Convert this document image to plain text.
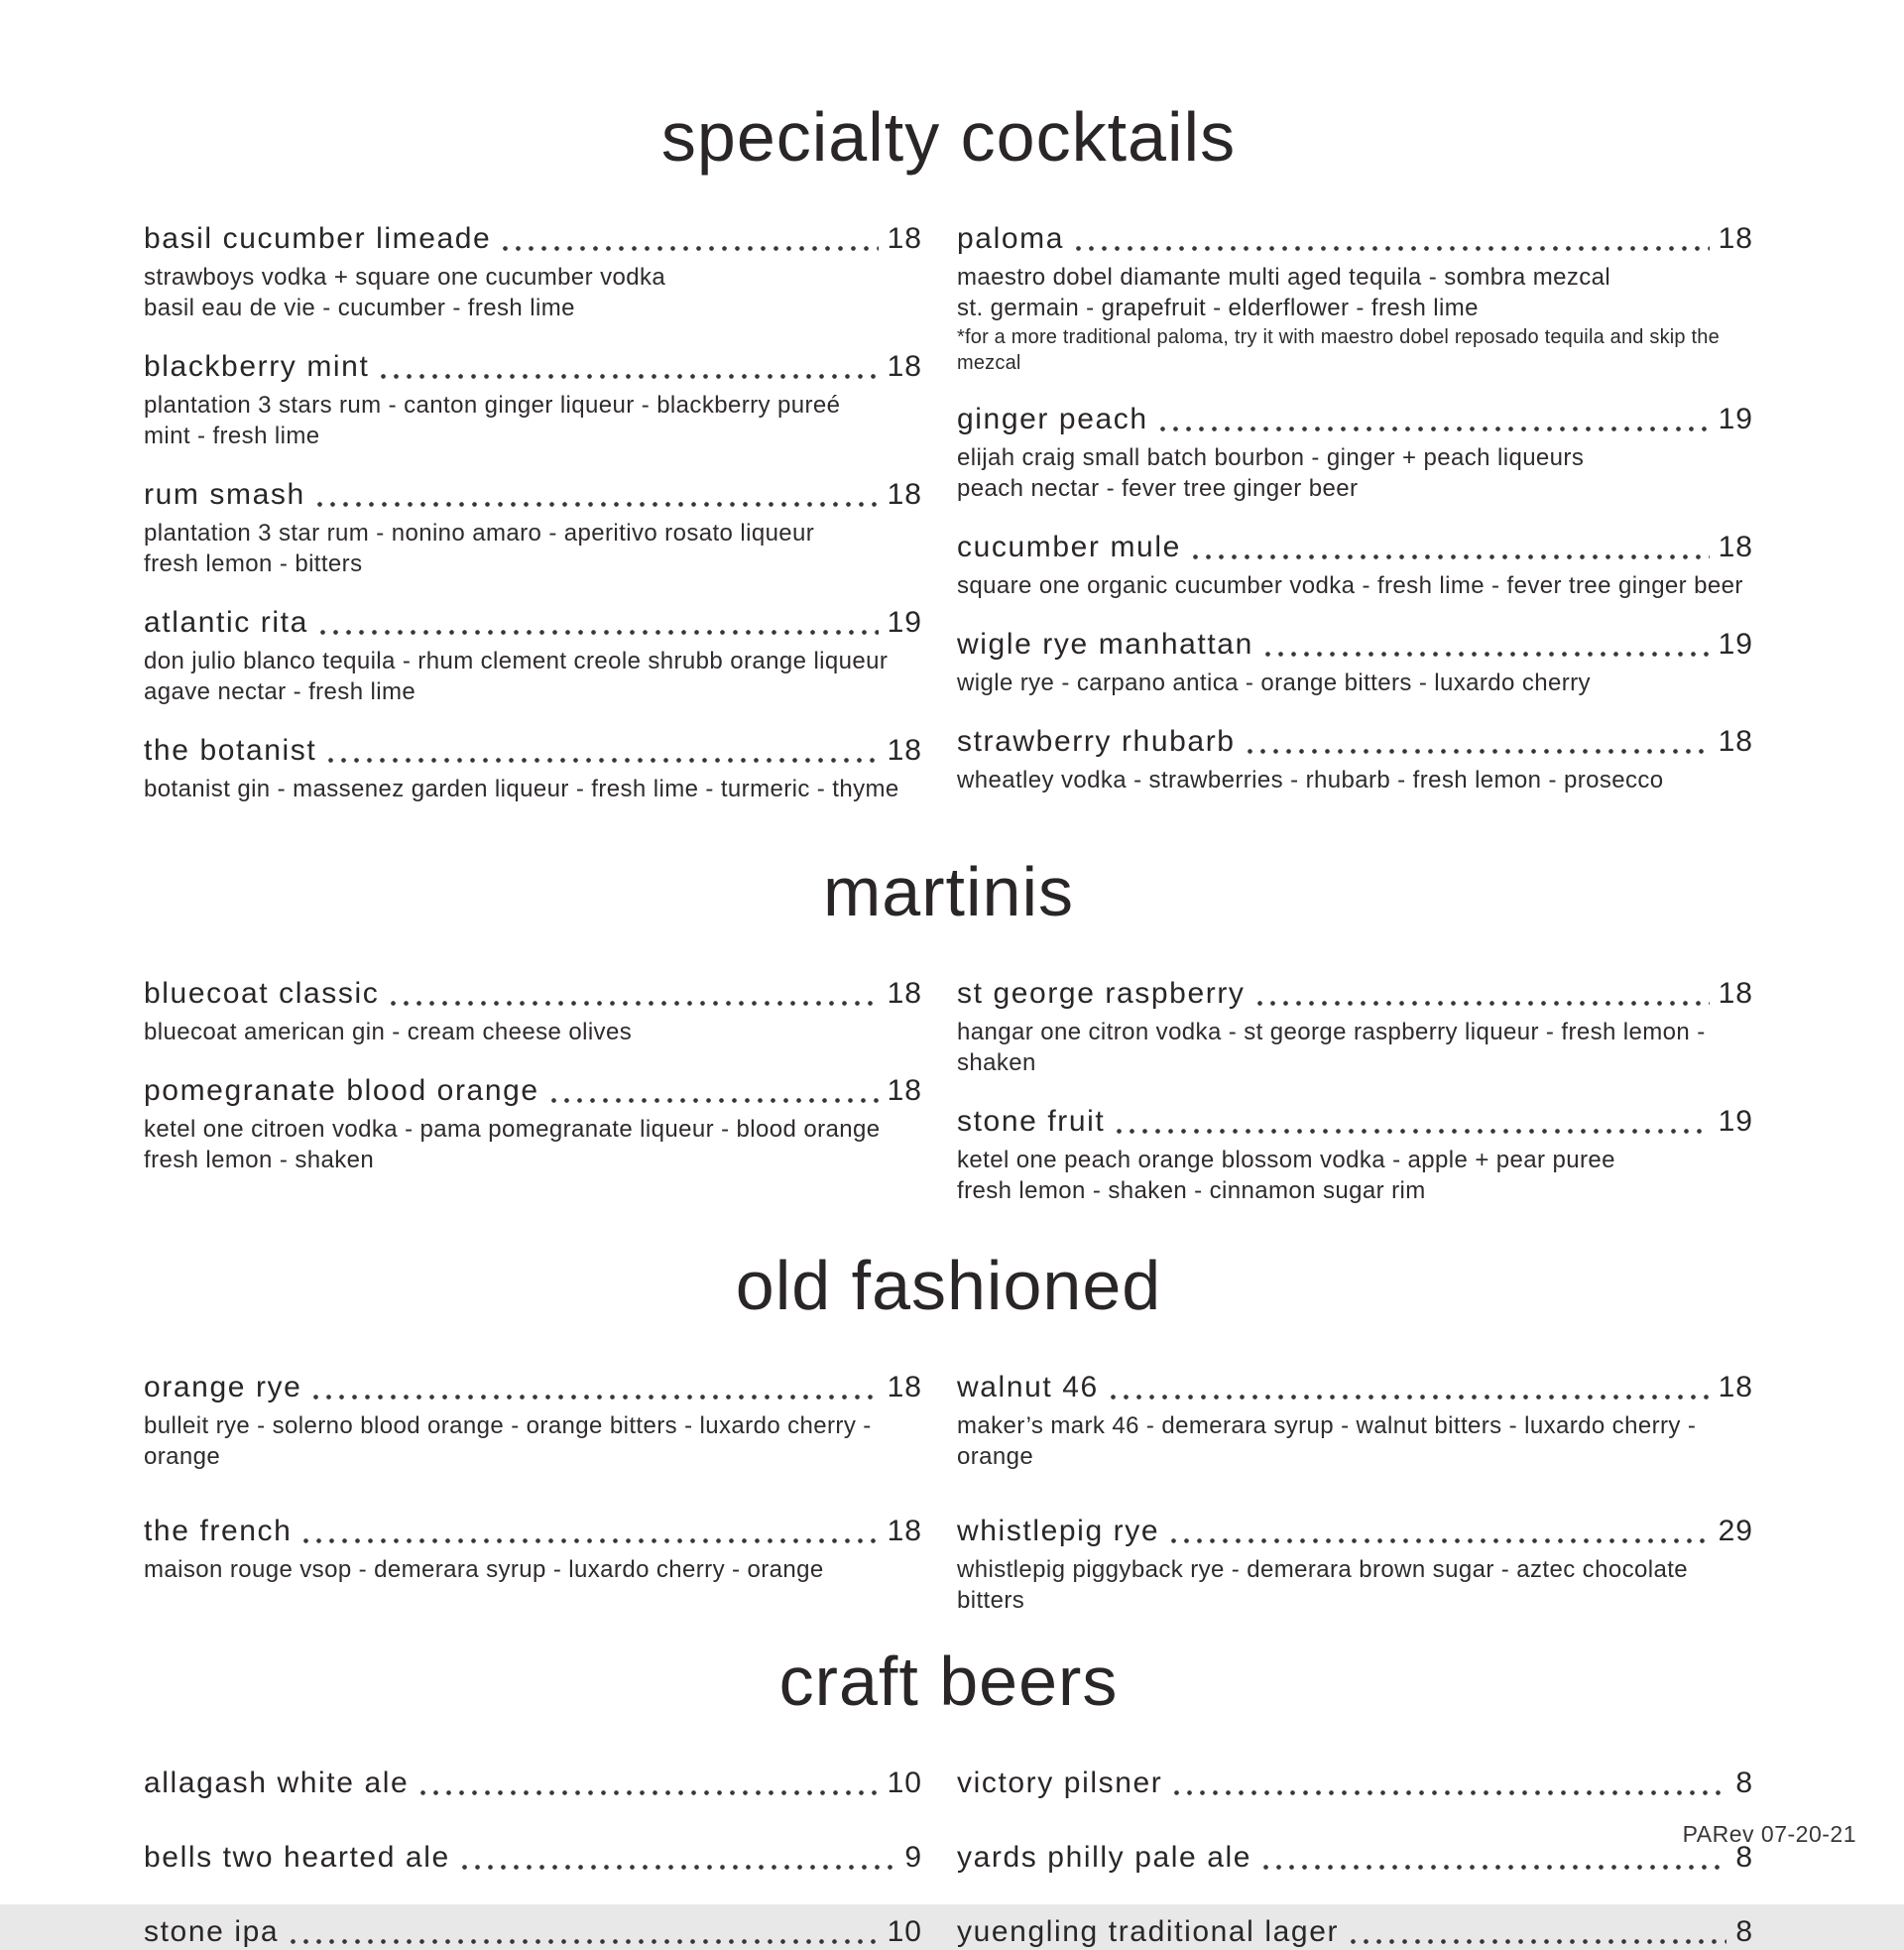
specialty cocktails
basil cucumber limeade	18
strawboys vodka + square one cucumber vodka
basil eau de vie - cucumber - fresh lime
blackberry mint	18
plantation 3 stars rum - canton ginger liqueur - blackberry pureé
mint - fresh lime
rum smash	18
plantation 3 star rum - nonino amaro - aperitivo rosato liqueur
fresh lemon - bitters
atlantic rita	19
don julio blanco tequila - rhum clement creole shrubb orange liqueur
agave nectar - fresh lime
the botanist	18
botanist gin - massenez garden liqueur - fresh lime - turmeric - thyme
paloma	18
maestro dobel diamante multi aged tequila - sombra mezcal
st. germain - grapefruit - elderflower - fresh lime
*for a more traditional paloma, try it with maestro dobel reposado tequila and skip the mezcal
ginger peach	19
elijah craig small batch bourbon - ginger + peach liqueurs
peach nectar - fever tree ginger beer
cucumber mule	18
square one organic cucumber vodka - fresh lime - fever tree ginger beer
wigle rye manhattan	19
wigle rye - carpano antica - orange bitters - luxardo cherry
strawberry rhubarb	18
wheatley vodka - strawberries - rhubarb - fresh lemon - prosecco
martinis
bluecoat classic	18
bluecoat american gin - cream cheese olives
pomegranate blood orange	18
ketel one citroen vodka - pama pomegranate liqueur - blood orange
fresh lemon - shaken
st george raspberry	18
hangar one citron vodka - st george raspberry liqueur - fresh lemon - shaken
stone fruit	19
ketel one peach orange blossom vodka - apple + pear puree
fresh lemon - shaken - cinnamon sugar rim
old fashioned
orange rye	18
bulleit rye - solerno blood orange - orange bitters - luxardo cherry - orange
the french	18
maison rouge vsop - demerara syrup - luxardo cherry - orange
walnut 46	18
maker’s mark 46 - demerara syrup - walnut bitters - luxardo cherry - orange
whistlepig rye	29
whistlepig piggyback rye - demerara brown sugar - aztec chocolate bitters
craft beers
allagash white ale	10
bells two hearted ale	9
stone ipa	10
victory pilsner	8
yards philly pale ale	8
yuengling traditional lager	8
PARev 07-20-21
